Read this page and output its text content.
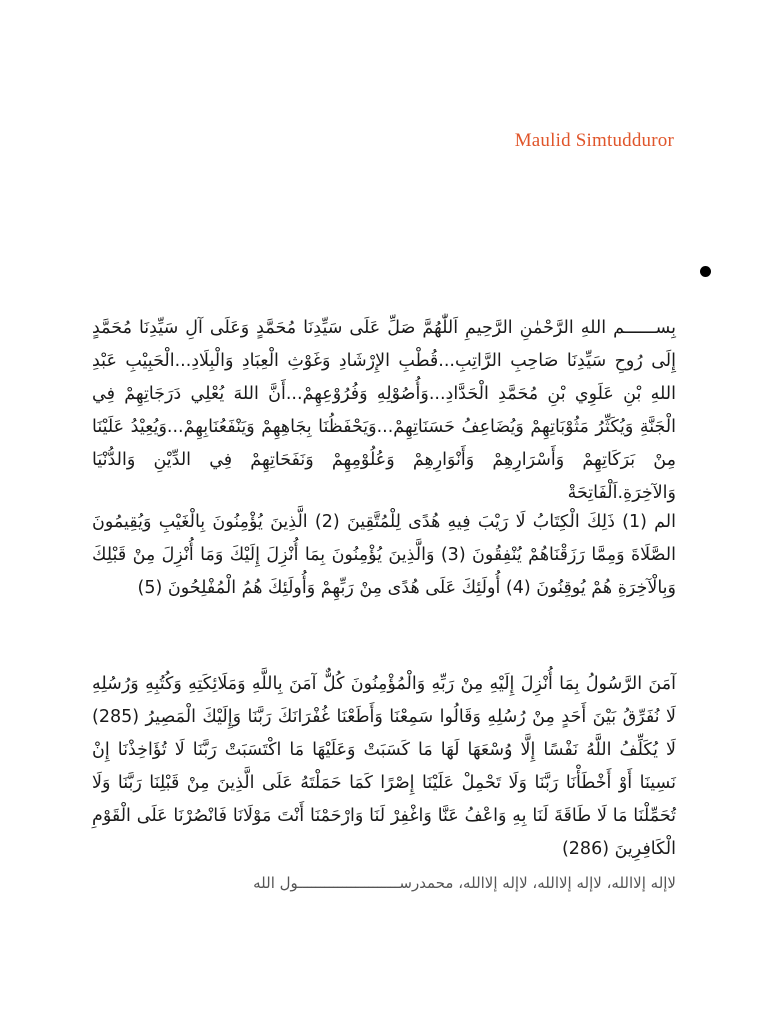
Maulid Simtudduror

بِســــــم اللهِ الرَّحْمٰنِ الرَّحِيمِ اَللّٰهُمَّ صَلِّ عَلَى سَيِّدِنَا مُحَمَّدٍ وَعَلَى آلِ سَيِّدِنَا مُحَمَّدٍ إِلَى رُوحِ سَيِّدِنَا صَاحِبِ الرَّاتِبِ...قُطْبِ الإِرْشَادِ وَغَوْثِ الْعِبَادِ وَالْبِلَادِ...الْحَبِيْبِ عَبْدِ اللهِ بْنِ عَلَوِي بْنِ مُحَمَّدِ الْحَدَّادِ...وَأُصُوْلِهِ وَفُرُوْعِهِمْ...أَنَّ اللهَ يُعْلِي دَرَجَاتِهِمْ فِي الْجَنَّةِ وَيُكَثِّرُ مَثُوْبَاتِهِمْ وَيُضَاعِفُ حَسَنَاتِهِمْ...وَيَحْفَظُنَا بِجَاهِهِمْ وَيَنْفَعُنَابِهِمْ...وَيُعِيْدُ عَلَيْنَا مِنْ بَرَكَاتِهِمْ وَأَسْرَارِهِمْ وَأَنْوَارِهِمْ وَعُلُوْمِهِمْ وَنَفَحَاتِهِمْ فِي الدِّيْنِ وَالدُّنْيَا وَالآخِرَةِ.اَلْفَاتِحَةْ

الم (1) ذَلِكَ الْكِتَابُ لَا رَيْبَ فِيهِ هُدًى لِلْمُتَّقِينَ (2) الَّذِينَ يُؤْمِنُونَ بِالْغَيْبِ وَيُقِيمُونَ الصَّلَاةَ وَمِمَّا رَزَقْنَاهُمْ يُنْفِقُونَ (3) وَالَّذِينَ يُؤْمِنُونَ بِمَا أُنْزِلَ إِلَيْكَ وَمَا أُنْزِلَ مِنْ قَبْلِكَ وَبِالْآخِرَةِ هُمْ يُوقِنُونَ (4) أُولَئِكَ عَلَى هُدًى مِنْ رَبِّهِمْ وَأُولَئِكَ هُمُ الْمُفْلِحُونَ (5)

آمَنَ الرَّسُولُ بِمَا أُنْزِلَ إِلَيْهِ مِنْ رَبِّهِ وَالْمُؤْمِنُونَ كُلٌّ آمَنَ بِاللَّهِ وَمَلَائِكَتِهِ وَكُتُبِهِ وَرُسُلِهِ لَا نُفَرِّقُ بَيْنَ أَحَدٍ مِنْ رُسُلِهِ وَقَالُوا سَمِعْنَا وَأَطَعْنَا غُفْرَانَكَ رَبَّنَا وَإِلَيْكَ الْمَصِيرُ (285) لَا يُكَلِّفُ اللَّهُ نَفْسًا إِلَّا وُسْعَهَا لَهَا مَا كَسَبَتْ وَعَلَيْهَا مَا اكْتَسَبَتْ رَبَّنَا لَا تُؤَاخِذْنَا إِنْ نَسِينَا أَوْ أَخْطَأْنَا رَبَّنَا وَلَا تَحْمِلْ عَلَيْنَا إِصْرًا كَمَا حَمَلْتَهُ عَلَى الَّذِينَ مِنْ قَبْلِنَا رَبَّنَا وَلَا تُحَمِّلْنَا مَا لَا طَاقَةَ لَنَا بِهِ وَاعْفُ عَنَّا وَاغْفِرْ لَنَا وَارْحَمْنَا أَنْتَ مَوْلَانَا فَانْصُرْنَا عَلَى الْقَوْمِ الْكَافِرِينَ (286)

لاإله إلاالله، لاإله إلاالله، لاإله إلاالله، محمدرســـــــــــــــــــــــول الله
